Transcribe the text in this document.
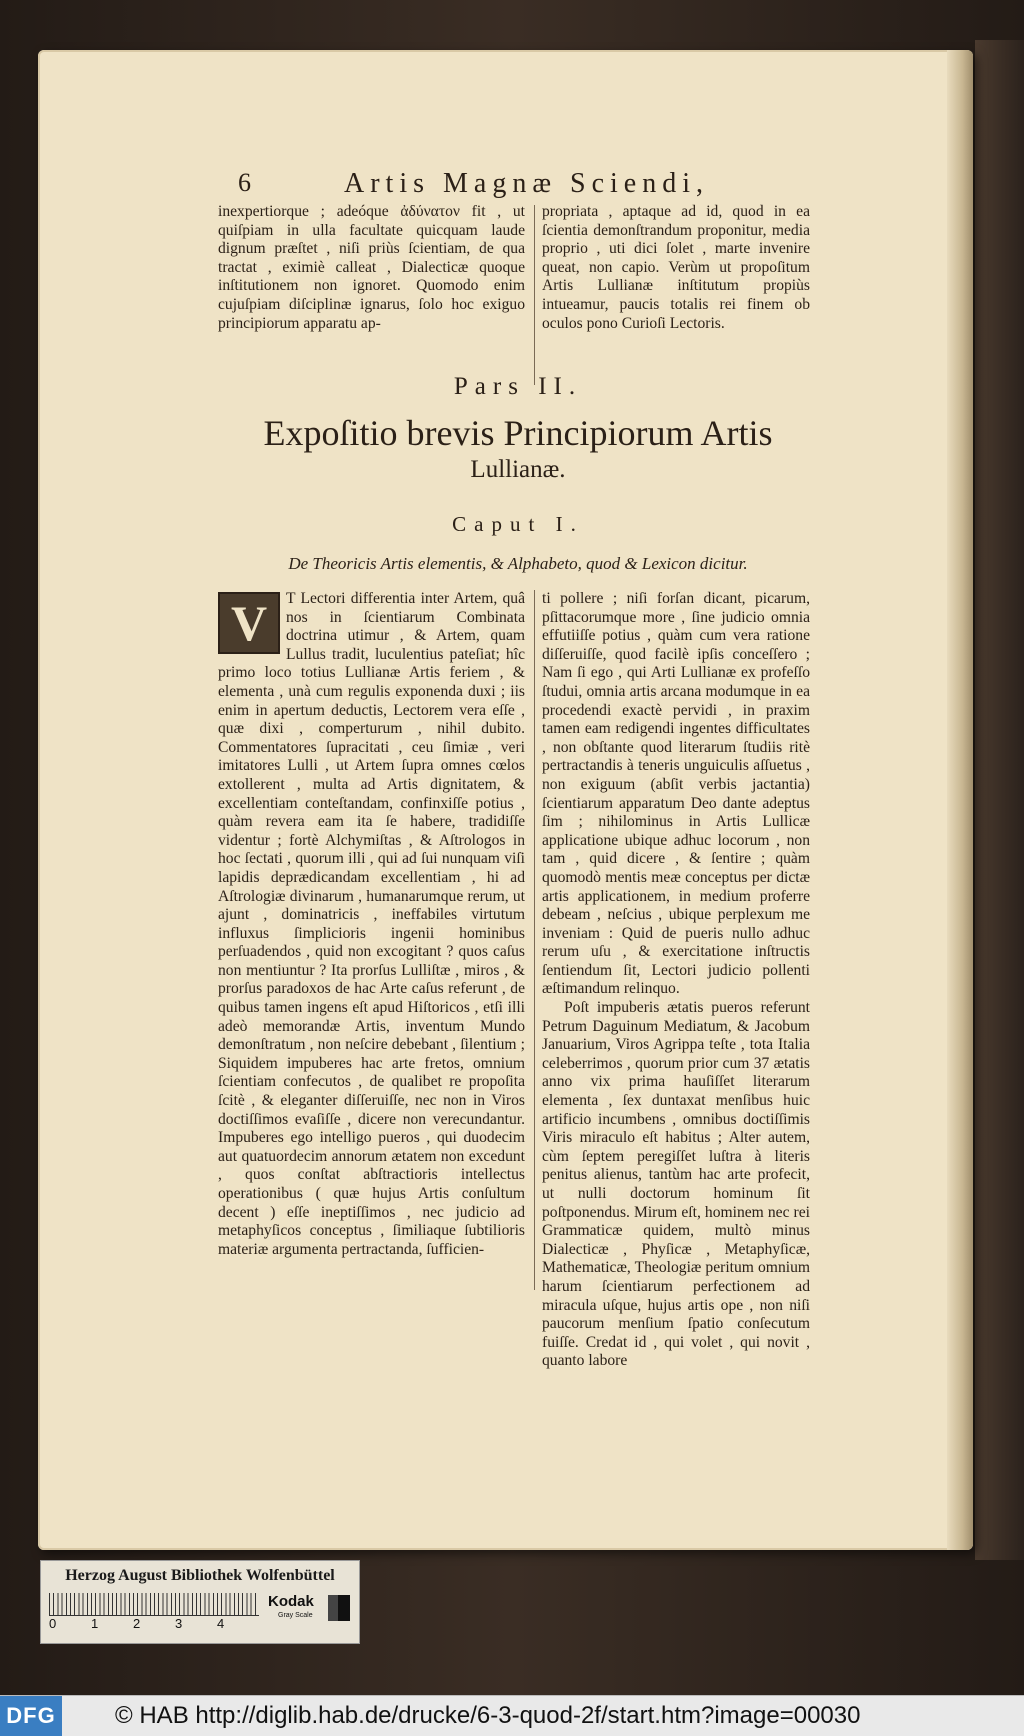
6	Artis Magnæ Sciendi,
inexpertiorque ; adeóque ἀδύνατον fit , ut quiſpiam in ulla facultate quicquam laude dignum præſtet , niſi priùs ſcientiam, de qua tractat , eximiè calleat , Dialecticæ quoque inſtitutionem non ignoret. Quomodo enim cujuſpiam diſciplinæ ignarus, ſolo hoc exiguo principiorum apparatu ap-
propriata , aptaque ad id, quod in ea ſcientia demonſtrandum proponitur, media proprio , uti dici ſolet , marte invenire queat, non capio. Verùm ut propoſitum Artis Lullianæ inſtitutum propiùs intueamur, paucis totalis rei finem ob oculos pono Curioſi Lectoris.
Pars II.
Expoſitio brevis Principiorum Artis
Lullianæ.
Caput I.
De Theoricis Artis elementis, & Alphabeto, quod & Lexicon dicitur.
V	T Lectori differentia inter Artem, quâ nos in ſcientiarum Combinata doctrina utimur , & Artem, quam Lullus tradit, luculentius pateſiat; hîc primo loco totius Lullianæ Artis feriem , & elementa , unà cum regulis exponenda duxi ; iis enim in apertum deductis, Lectorem vera eſſe , quæ dixi , comperturum , nihil dubito. Commentatores ſupracitati , ceu ſimiæ , veri imitatores Lulli , ut Artem ſupra omnes cœlos extollerent , multa ad Artis dignitatem, & excellentiam conteſtandam, confinxiſſe potius , quàm revera eam ita ſe habere, tradidiſſe videntur ; fortè Alchymiſtas , & Aſtrologos in hoc ſectati , quorum illi , qui ad ſui nunquam viſi lapidis deprædicandam excellentiam , hi ad Aſtrologiæ divinarum , humanarumque rerum, ut ajunt , dominatricis , ineffabiles virtutum influxus ſimplicioris ingenii hominibus perſuadendos , quid non excogitant ? quos caſus non mentiuntur ? Ita prorſus Lulliſtæ , miros , & prorſus paradoxos de hac Arte caſus referunt , de quibus tamen ingens eſt apud Hiſtoricos , etſi illi adeò memorandæ Artis, inventum Mundo demonſtratum , non neſcire debebant , ſilentium ; Siquidem impuberes hac arte fretos, omnium ſcientiam confecutos , de qualibet re propoſita ſcitè , & eleganter diſſeruiſſe, nec non in Viros doctiſſimos evaſiſſe , dicere non verecundantur. Impuberes ego intelligo pueros , qui duodecim aut quatuordecim annorum ætatem non excedunt , quos conſtat abſtractioris intellectus operationibus ( quæ hujus Artis conſultum decent ) eſſe ineptiſſimos , nec judicio ad metaphyſicos conceptus , ſimiliaque ſubtilioris materiæ argumenta pertractanda, ſufficien-
ti pollere ; niſi forſan dicant, picarum, pſittacorumque more , ſine judicio omnia effutiiſſe potius , quàm cum vera ratione diſſeruiſſe, quod facilè ipſis conceſſero ; Nam ſi ego , qui Arti Lullianæ ex profeſſo ſtudui, omnia artis arcana modumque in ea procedendi exactè pervidi , in praxim tamen eam redigendi ingentes difficultates , non obſtante quod literarum ſtudiis ritè pertractandis à teneris unguiculis aſſuetus , non exiguum (abſit verbis jactantia) ſcientiarum apparatum Deo dante adeptus ſim ; nihilominus in Artis Lullicæ applicatione ubique adhuc locorum , non tam , quid dicere , & ſentire ; quàm quomodò mentis meæ conceptus per dictæ artis applicationem, in medium proferre debeam , neſcius , ubique perplexum me inveniam : Quid de pueris nullo adhuc rerum uſu , & exercitatione inſtructis ſentiendum ſit, Lectori judicio pollenti æſtimandum relinquo.
Poſt impuberis ætatis pueros referunt Petrum Daguinum Mediatum, & Jacobum Januarium, Viros Agrippa teſte , tota Italia celeberrimos , quorum prior cum 37 ætatis anno vix prima hauſiſſet literarum elementa , ſex duntaxat menſibus huic artificio incumbens , omnibus doctiſſimis Viris miraculo eſt habitus ; Alter autem, cùm ſeptem peregiſſet luſtra à literis penitus alienus, tantùm hac arte profecit, ut nulli doctorum hominum ſit poſtponendus. Mirum eſt, hominem nec rei Grammaticæ quidem, multò minus Dialecticæ , Phyſicæ , Metaphyſicæ, Mathematicæ, Theologiæ peritum omnium harum ſcientiarum perfectionem ad miracula uſque, hujus artis ope , non niſi paucorum menſium ſpatio conſecutum fuiſſe. Credat id , qui volet , qui novit , quanto labore
Herzog August Bibliothek Wolfenbüttel
0	1	2	3	4
Kodak
Gray Scale
DFG © HAB http://diglib.hab.de/drucke/6-3-quod-2f/start.htm?image=00030
